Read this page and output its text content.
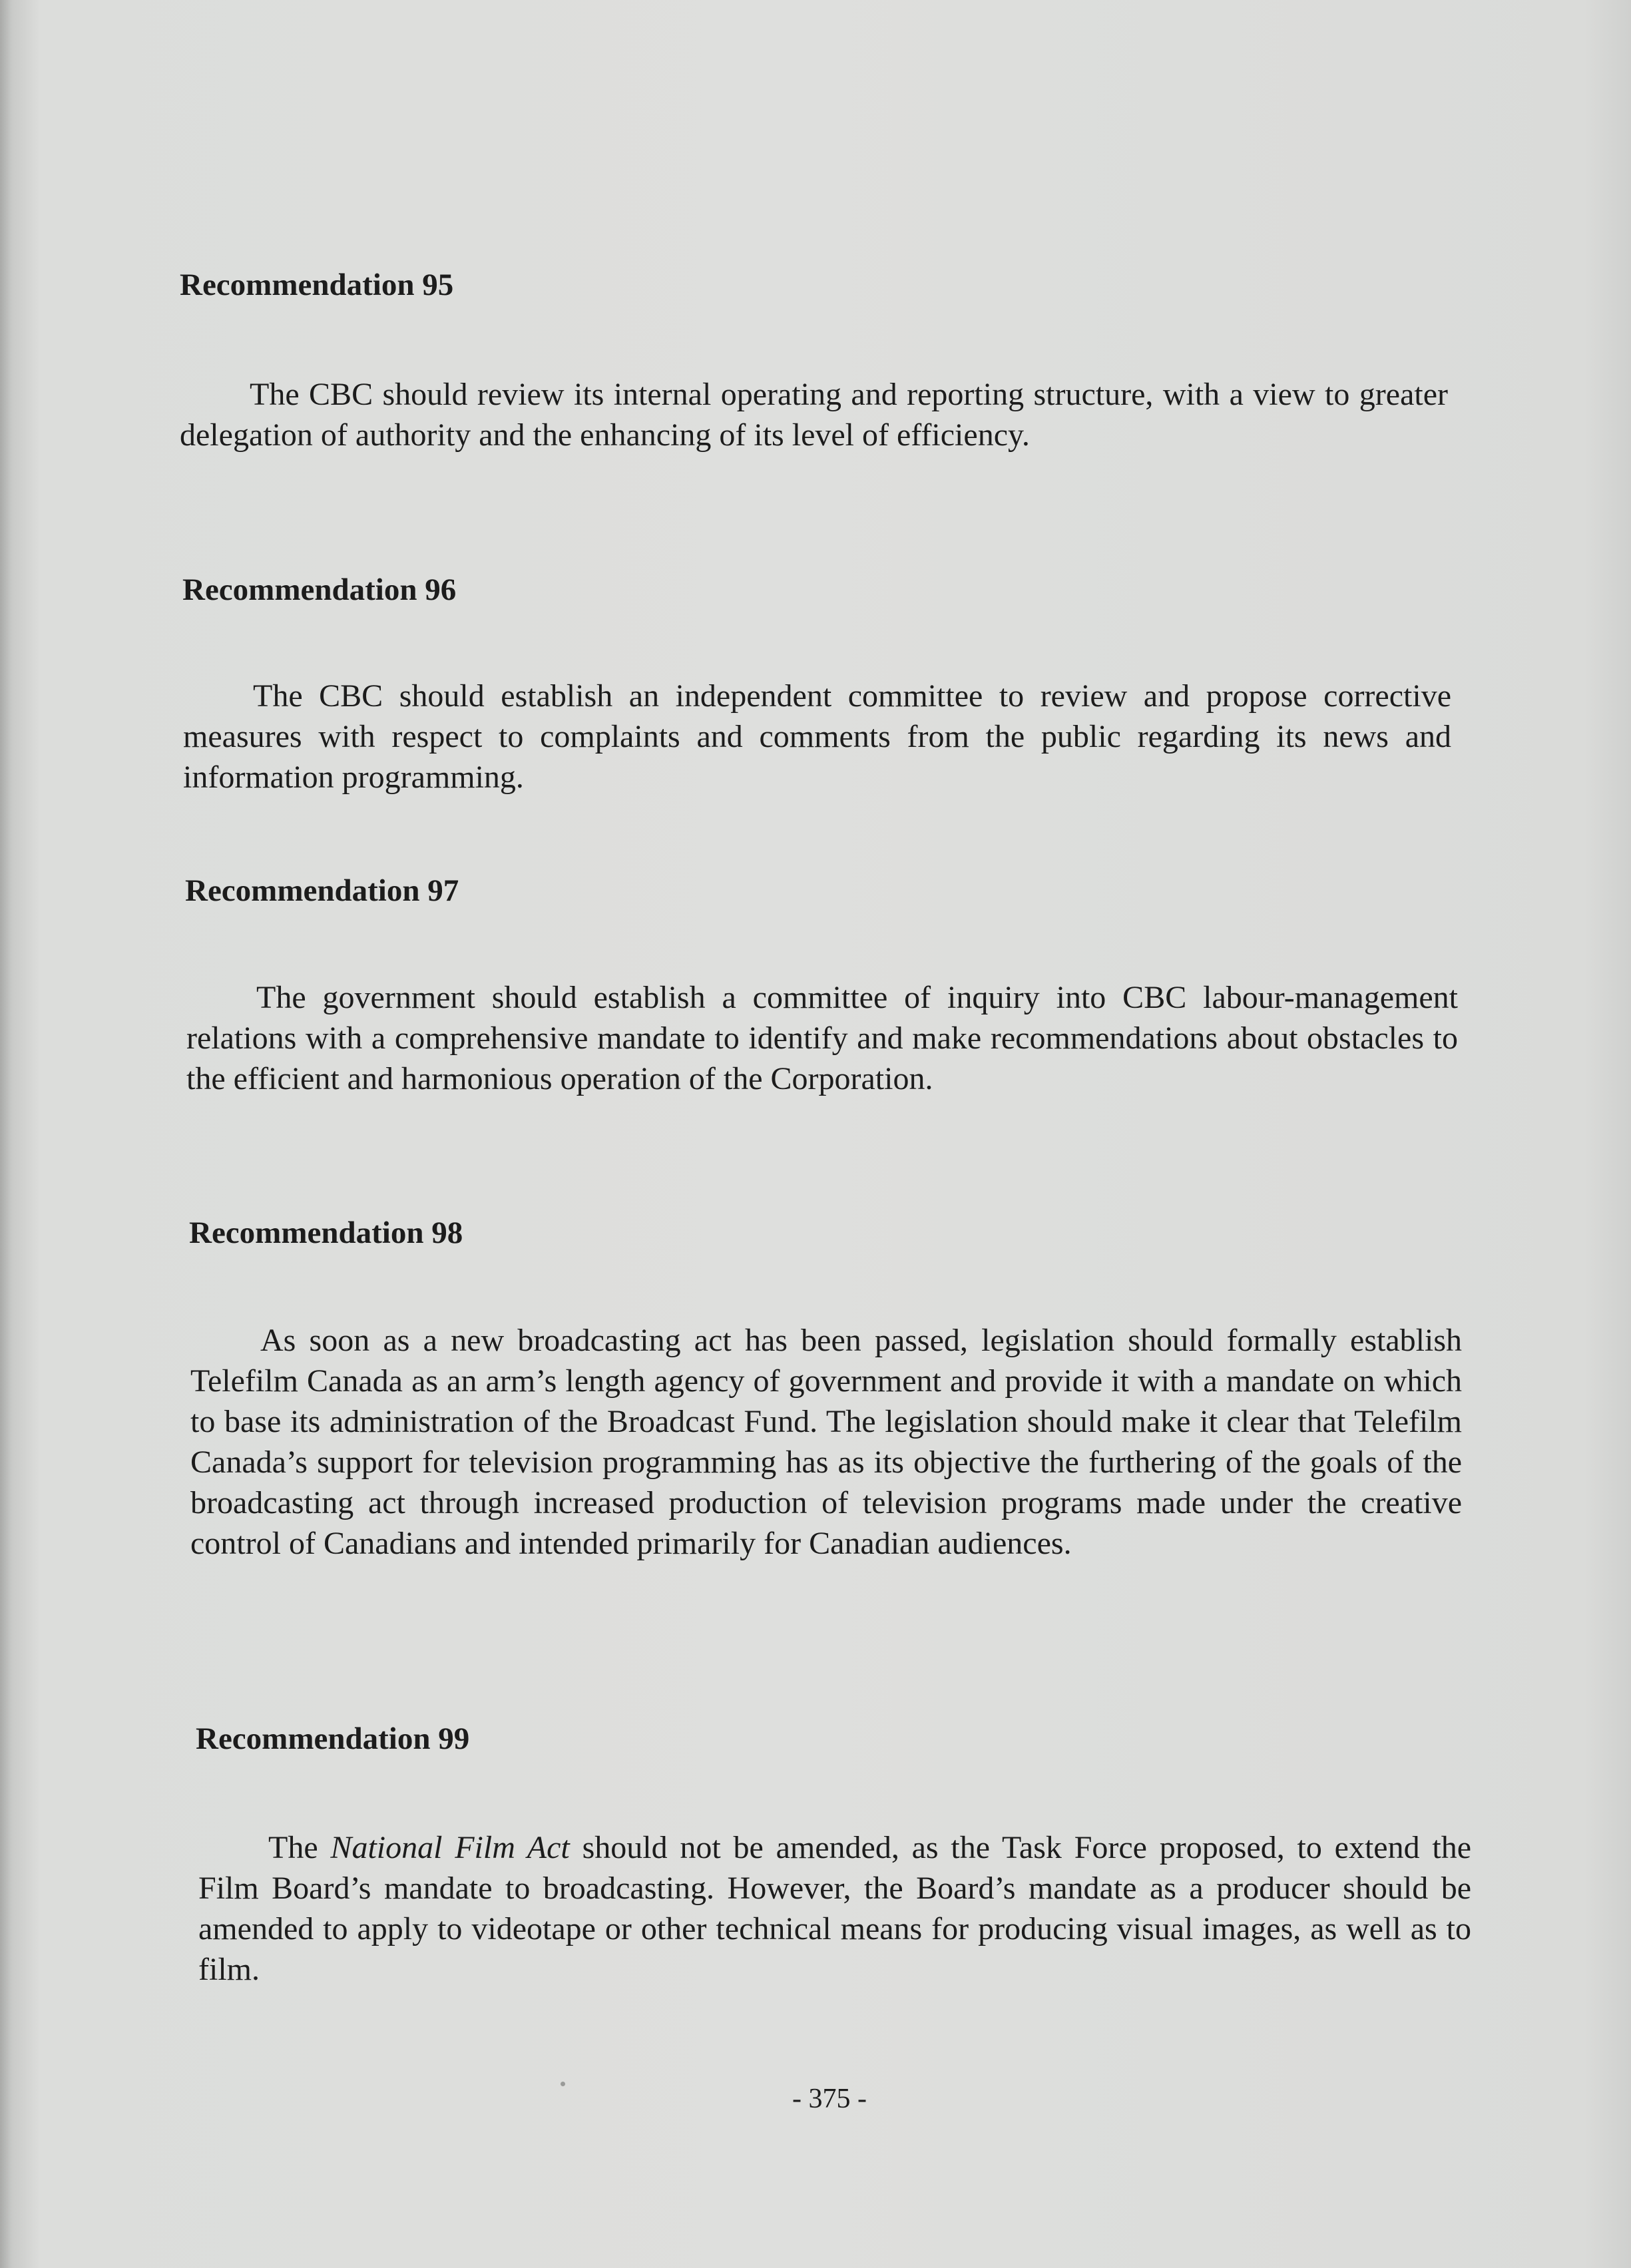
Recommendation 95
The CBC should review its internal operating and reporting structure, with a view to greater delegation of authority and the enhancing of its level of efficiency.
Recommendation 96
The CBC should establish an independent committee to review and propose corrective measures with respect to complaints and comments from the public regarding its news and information programming.
Recommendation 97
The government should establish a committee of inquiry into CBC labour-management relations with a comprehensive mandate to identify and make recommendations about obstacles to the efficient and harmonious operation of the Corporation.
Recommendation 98
As soon as a new broadcasting act has been passed, legislation should formally establish Telefilm Canada as an arm’s length agency of government and provide it with a mandate on which to base its administration of the Broadcast Fund. The legislation should make it clear that Telefilm Canada’s support for television programming has as its objective the furthering of the goals of the broadcasting act through increased production of television programs made under the creative control of Canadians and intended primarily for Canadian audiences.
Recommendation 99
The National Film Act should not be amended, as the Task Force proposed, to extend the Film Board’s mandate to broadcasting. However, the Board’s mandate as a producer should be amended to apply to videotape or other technical means for producing visual images, as well as to film.
- 375 -
